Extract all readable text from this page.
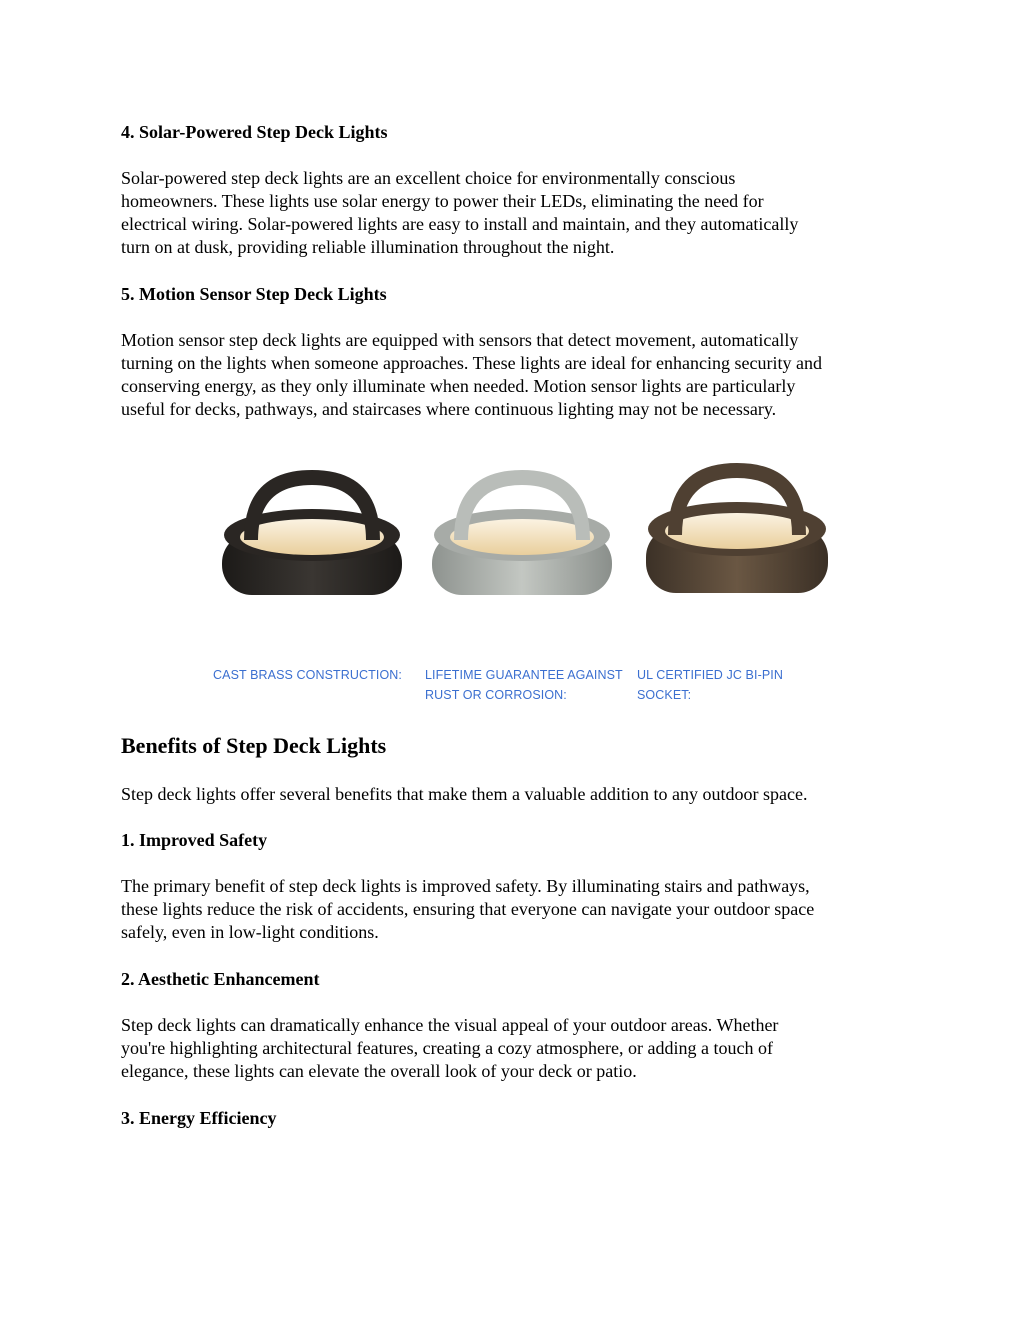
4. Solar-Powered Step Deck Lights

Solar-powered step deck lights are an excellent choice for environmentally conscious
homeowners. These lights use solar energy to power their LEDs, eliminating the need for
electrical wiring. Solar-powered lights are easy to install and maintain, and they automatically
turn on at dusk, providing reliable illumination throughout the night.

5. Motion Sensor Step Deck Lights

Motion sensor step deck lights are equipped with sensors that detect movement, automatically
turning on the lights when someone approaches. These lights are ideal for enhancing security and
conserving energy, as they only illuminate when needed. Motion sensor lights are particularly
useful for decks, pathways, and staircases where continuous lighting may not be necessary.

CAST BRASS CONSTRUCTION: LIFETIME GUARANTEE AGAINST
RUST OR CORROSION:
UL CERTIFIED JC BI-PIN
SOCKET:

Benefits of Step Deck Lights

Step deck lights offer several benefits that make them a valuable addition to any outdoor space.

1. Improved Safety

The primary benefit of step deck lights is improved safety. By illuminating stairs and pathways,
these lights reduce the risk of accidents, ensuring that everyone can navigate your outdoor space
safely, even in low-light conditions.

2. Aesthetic Enhancement

Step deck lights can dramatically enhance the visual appeal of your outdoor areas. Whether
you're highlighting architectural features, creating a cozy atmosphere, or adding a touch of
elegance, these lights can elevate the overall look of your deck or patio.

3. Energy Efficiency
